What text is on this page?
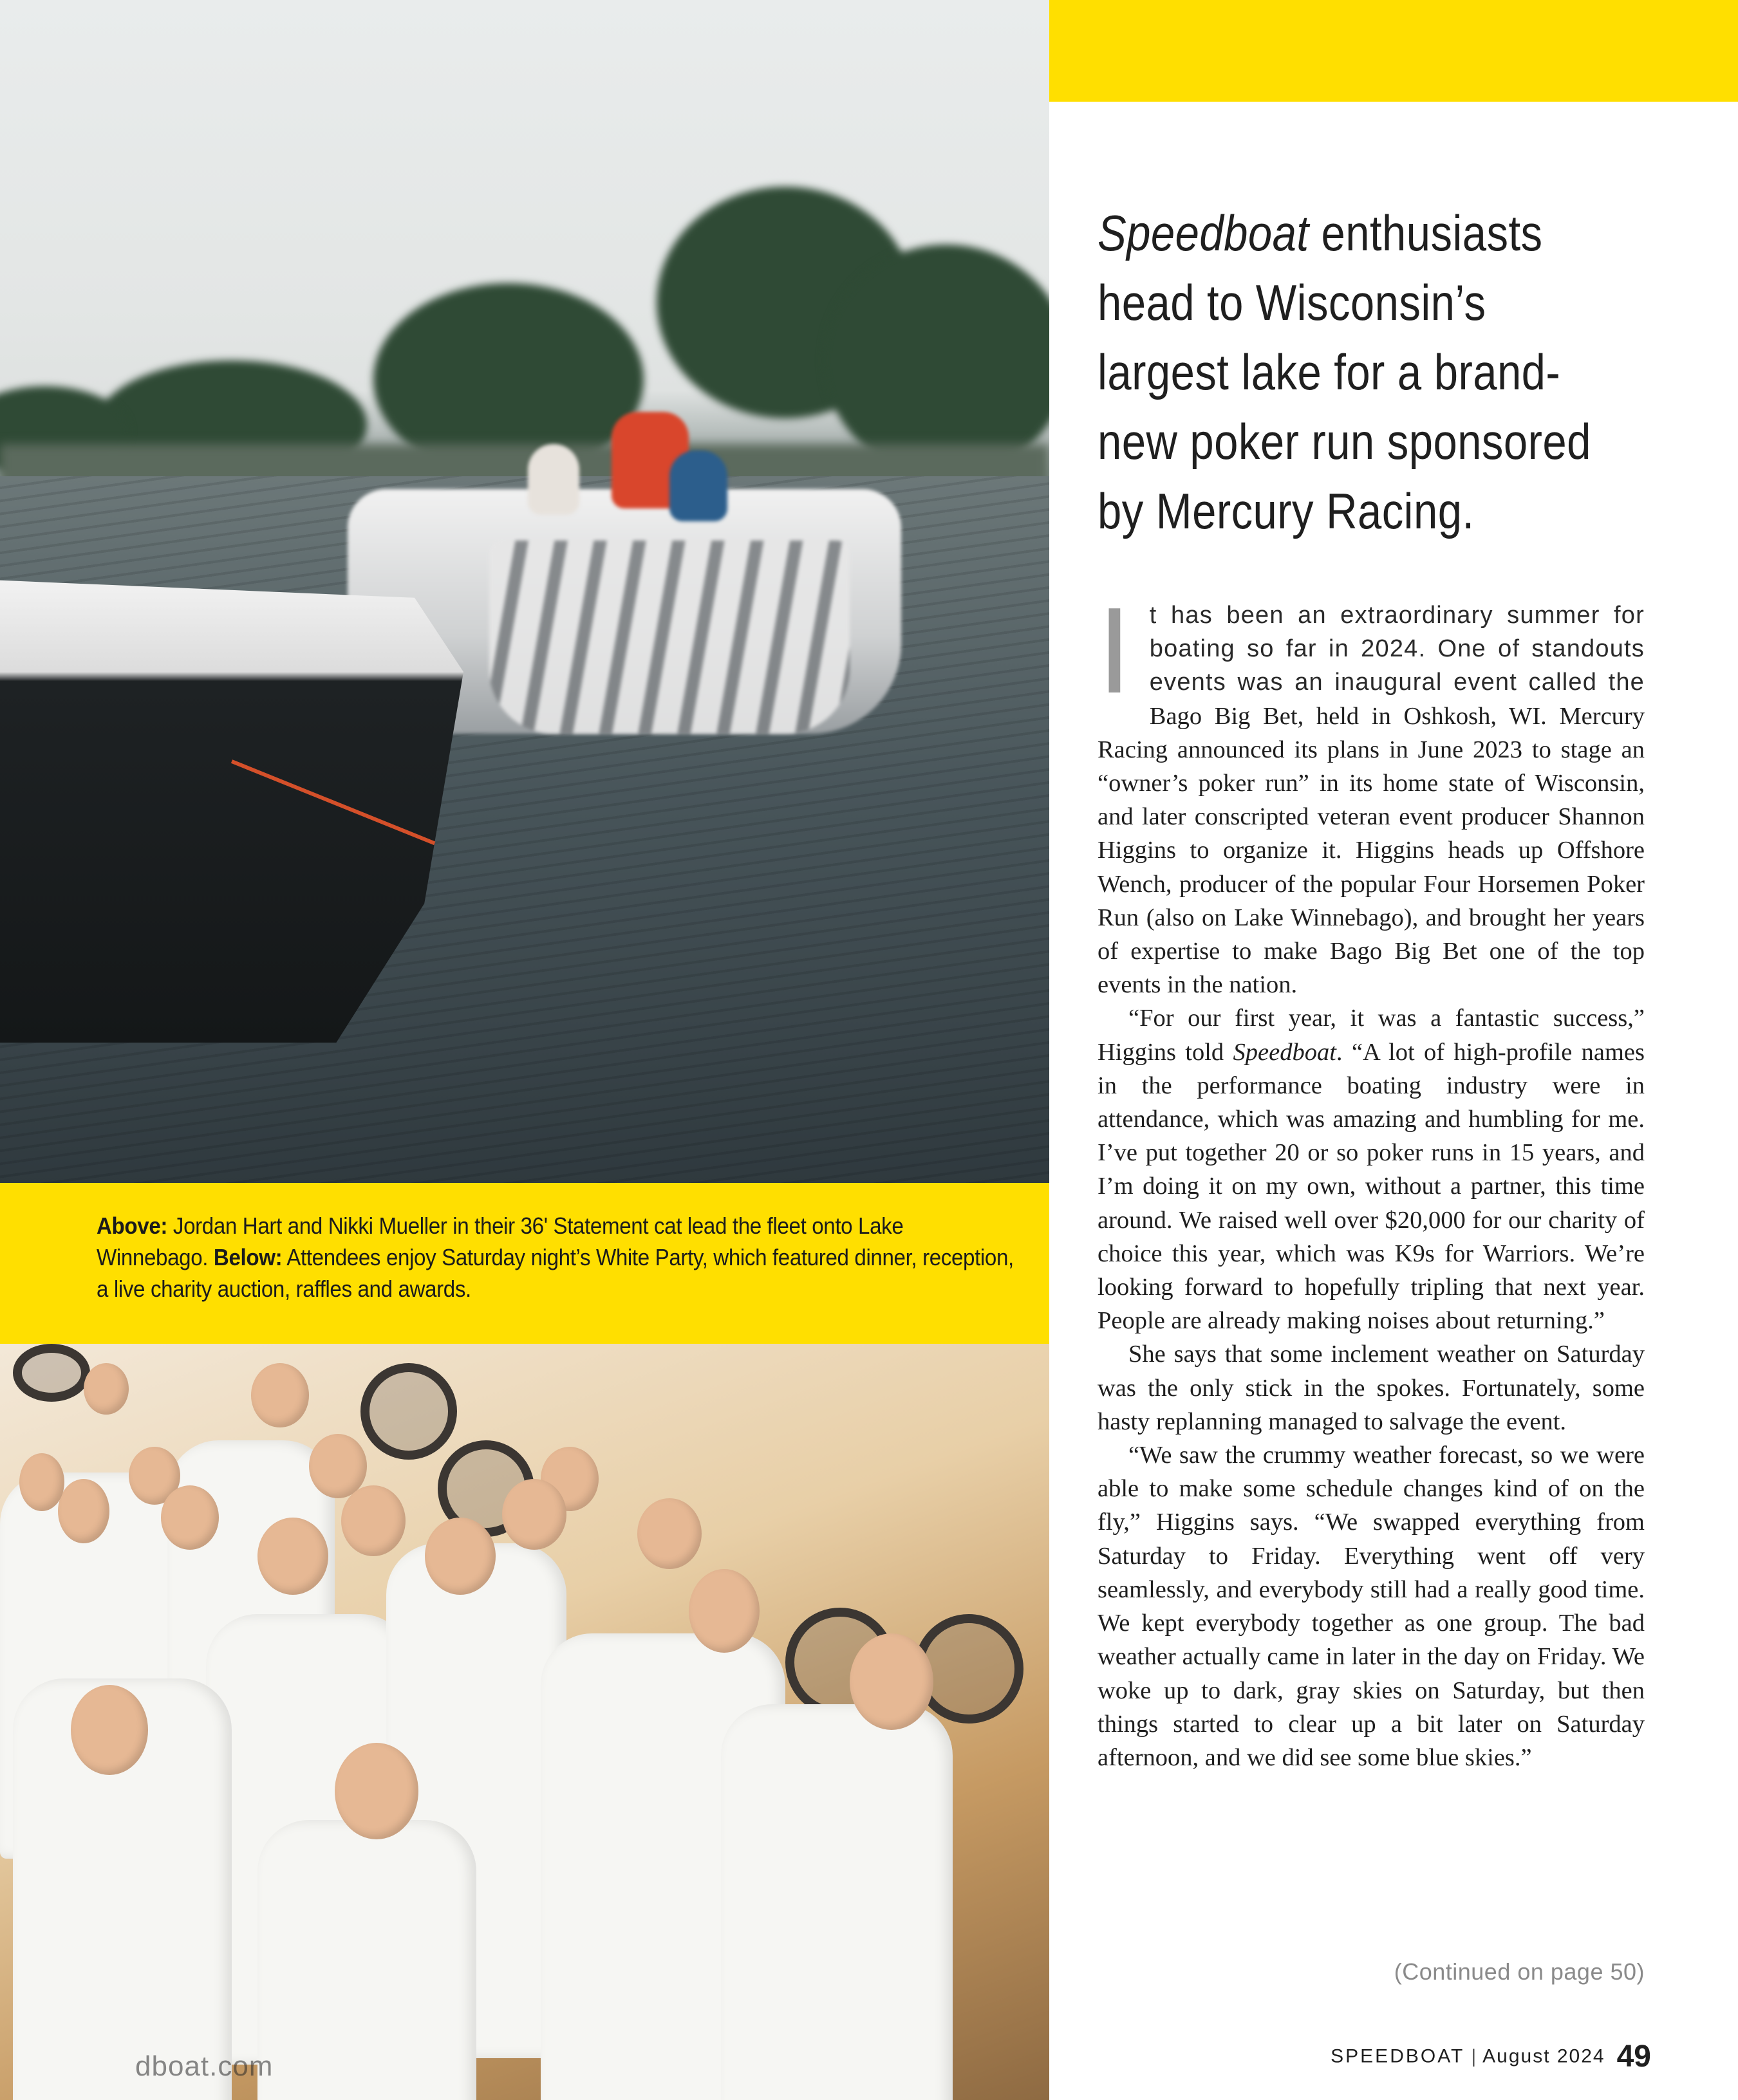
Above: Jordan Hart and Nikki Mueller in their 36' Statement cat lead the fleet onto Lake Winnebago. Below: Attendees enjoy Saturday night’s White Party, which featured dinner, reception, a live charity auction, raffles and awards.
dboat.com
Speedboat enthusiasts head to Wisconsin’s largest lake for a brand-new poker run sponsored by Mercury Racing.

It has been an extraordinary summer for boating so far in 2024. One of standouts events was an inaugural event called the Bago Big Bet, held in Oshkosh, WI. Mercury Racing announced its plans in June 2023 to stage an “owner’s poker run” in its home state of Wisconsin, and later conscripted veteran event producer Shannon Higgins to organize it. Higgins heads up Offshore Wench, producer of the popular Four Horsemen Poker Run (also on Lake Winnebago), and brought her years of expertise to make Bago Big Bet one of the top events in the nation.

“For our first year, it was a fantastic success,” Higgins told Speedboat. “A lot of high-profile names in the performance boating industry were in attendance, which was amazing and humbling for me. I’ve put together 20 or so poker runs in 15 years, and I’m doing it on my own, without a partner, this time around. We raised well over $20,000 for our charity of choice this year, which was K9s for Warriors. We’re looking forward to hopefully tripling that next year. People are already making noises about returning.”

She says that some inclement weather on Saturday was the only stick in the spokes. Fortunately, some hasty replanning managed to salvage the event.

“We saw the crummy weather forecast, so we were able to make some schedule changes kind of on the fly,” Higgins says. “We swapped everything from Saturday to Friday. Everything went off very seamlessly, and everybody still had a really good time. We kept everybody together as one group. The bad weather actually came in later in the day on Friday. We woke up to dark, gray skies on Saturday, but then things started to clear up a bit later on Saturday afternoon, and we did see some blue skies.”

(Continued on page 50)
SPEEDBOAT | August 2024 49
